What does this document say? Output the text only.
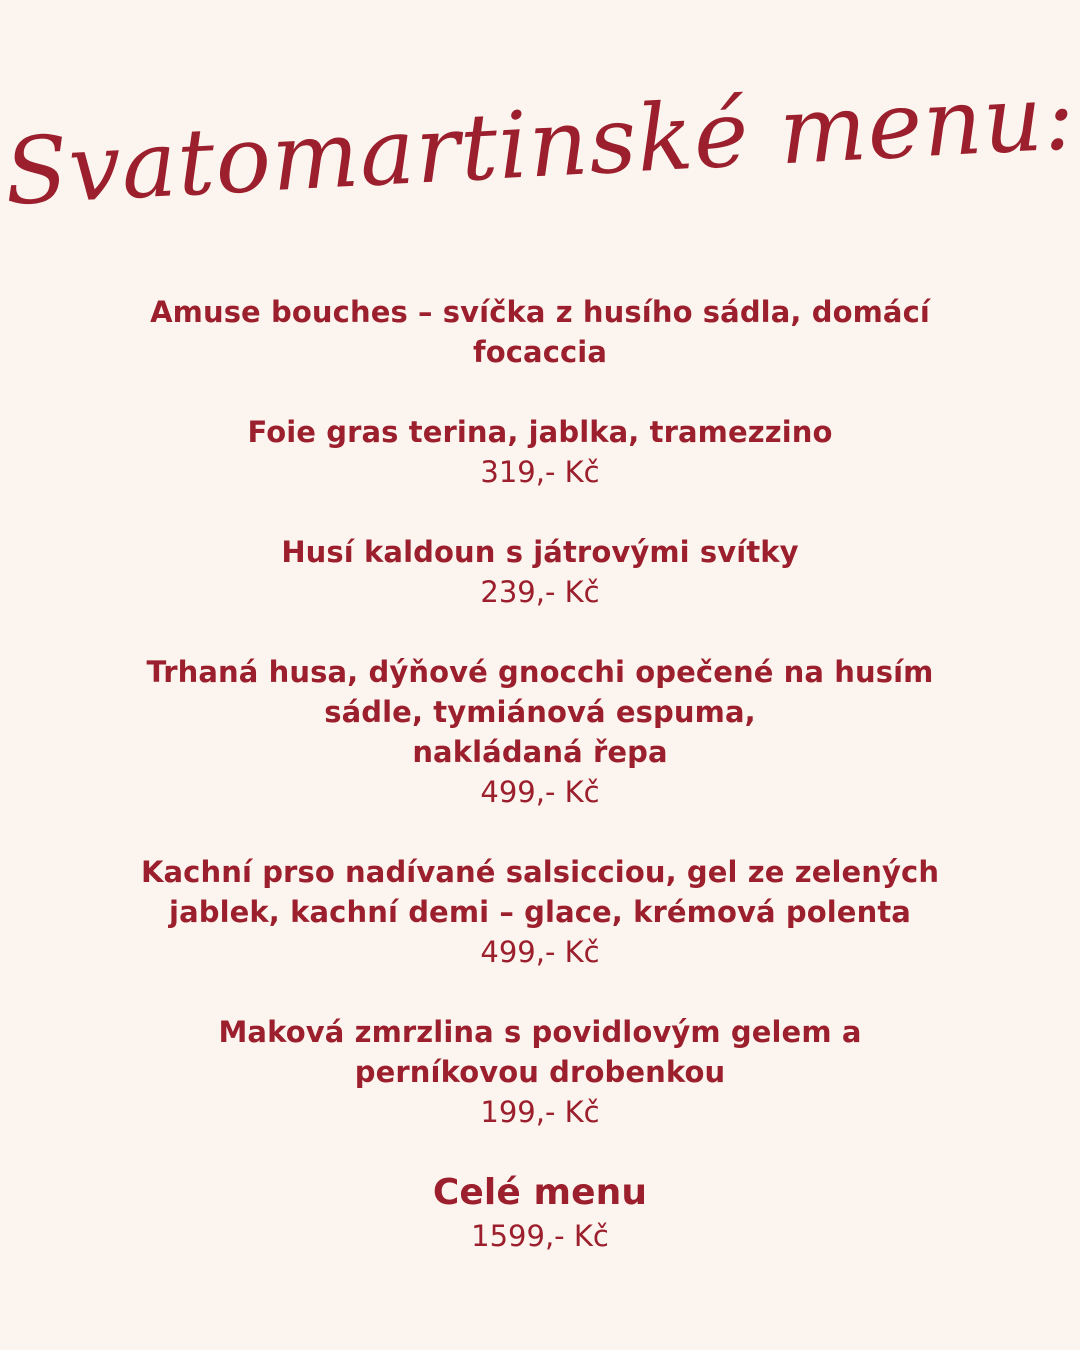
Svatomartinské menu:
Amuse bouches – svíčka z husího sádla, domácí
focaccia
Foie gras terina, jablka, tramezzino
319,- Kč
Husí kaldoun s játrovými svítky
239,- Kč
Trhaná husa, dýňové gnocchi opečené na husím
sádle, tymiánová espuma,
nakládaná řepa
499,- Kč
Kachní prso nadívané salsicciou, gel ze zelených
jablek, kachní demi – glace, krémová polenta
499,- Kč
Maková zmrzlina s povidlovým gelem a
perníkovou drobenkou
199,- Kč
Celé menu
1599,- Kč
